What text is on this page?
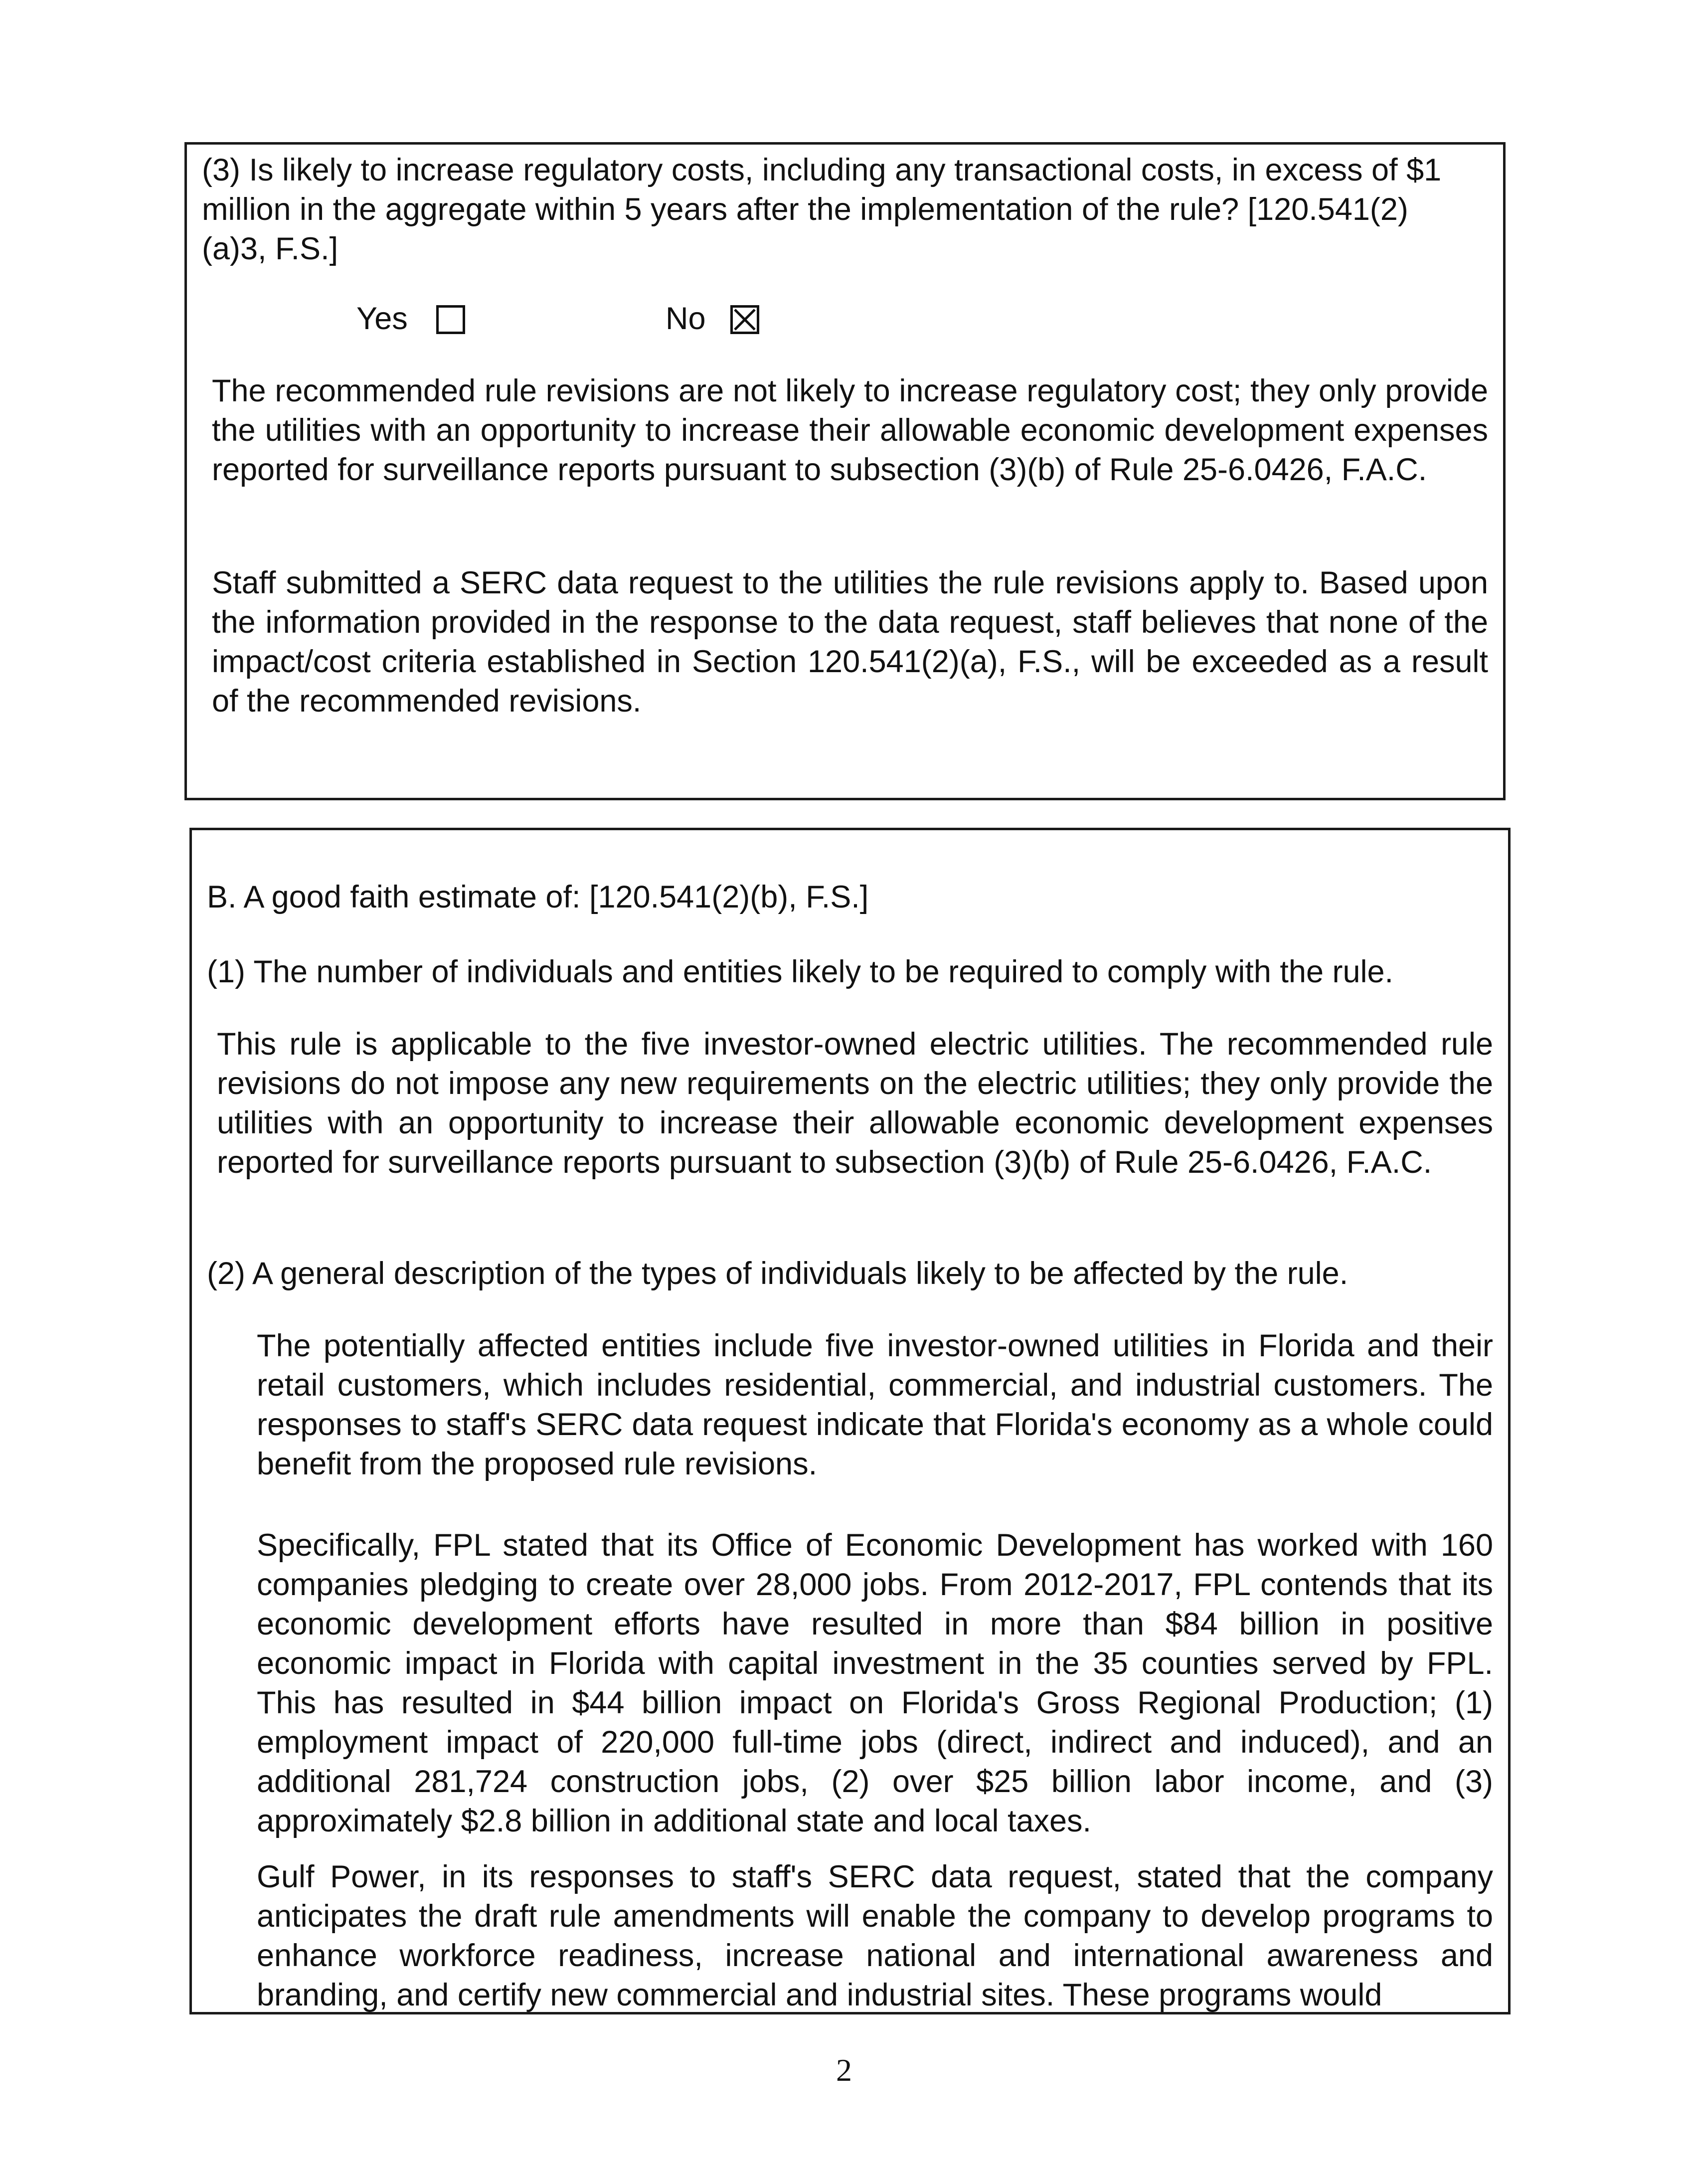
(3) Is likely to increase regulatory costs, including any transactional costs, in excess of $1 million in the aggregate within 5 years after the implementation of the rule? [120.541(2)(a)3, F.S.]

Yes	No

The recommended rule revisions are not likely to increase regulatory cost; they only provide the utilities with an opportunity to increase their allowable economic development expenses reported for surveillance reports pursuant to subsection (3)(b) of Rule 25-6.0426, F.A.C.

Staff submitted a SERC data request to the utilities the rule revisions apply to. Based upon the information provided in the response to the data request, staff believes that none of the impact/cost criteria established in Section 120.541(2)(a), F.S., will be exceeded as a result of the recommended revisions.

B. A good faith estimate of: [120.541(2)(b), F.S.]

(1) The number of individuals and entities likely to be required to comply with the rule.

This rule is applicable to the five investor-owned electric utilities. The recommended rule revisions do not impose any new requirements on the electric utilities; they only provide the utilities with an opportunity to increase their allowable economic development expenses reported for surveillance reports pursuant to subsection (3)(b) of Rule 25-6.0426, F.A.C.

(2) A general description of the types of individuals likely to be affected by the rule.

The potentially affected entities include five investor-owned utilities in Florida and their retail customers, which includes residential, commercial, and industrial customers. The responses to staff's SERC data request indicate that Florida's economy as a whole could benefit from the proposed rule revisions.

Specifically, FPL stated that its Office of Economic Development has worked with 160 companies pledging to create over 28,000 jobs. From 2012-2017, FPL contends that its economic development efforts have resulted in more than $84 billion in positive economic impact in Florida with capital investment in the 35 counties served by FPL. This has resulted in $44 billion impact on Florida's Gross Regional Production; (1) employment impact of 220,000 full-time jobs (direct, indirect and induced), and an additional 281,724 construction jobs, (2) over $25 billion labor income, and (3) approximately $2.8 billion in additional state and local taxes.

Gulf Power, in its responses to staff's SERC data request, stated that the company anticipates the draft rule amendments will enable the company to develop programs to enhance workforce readiness, increase national and international awareness and branding, and certify new commercial and industrial sites. These programs would

2
